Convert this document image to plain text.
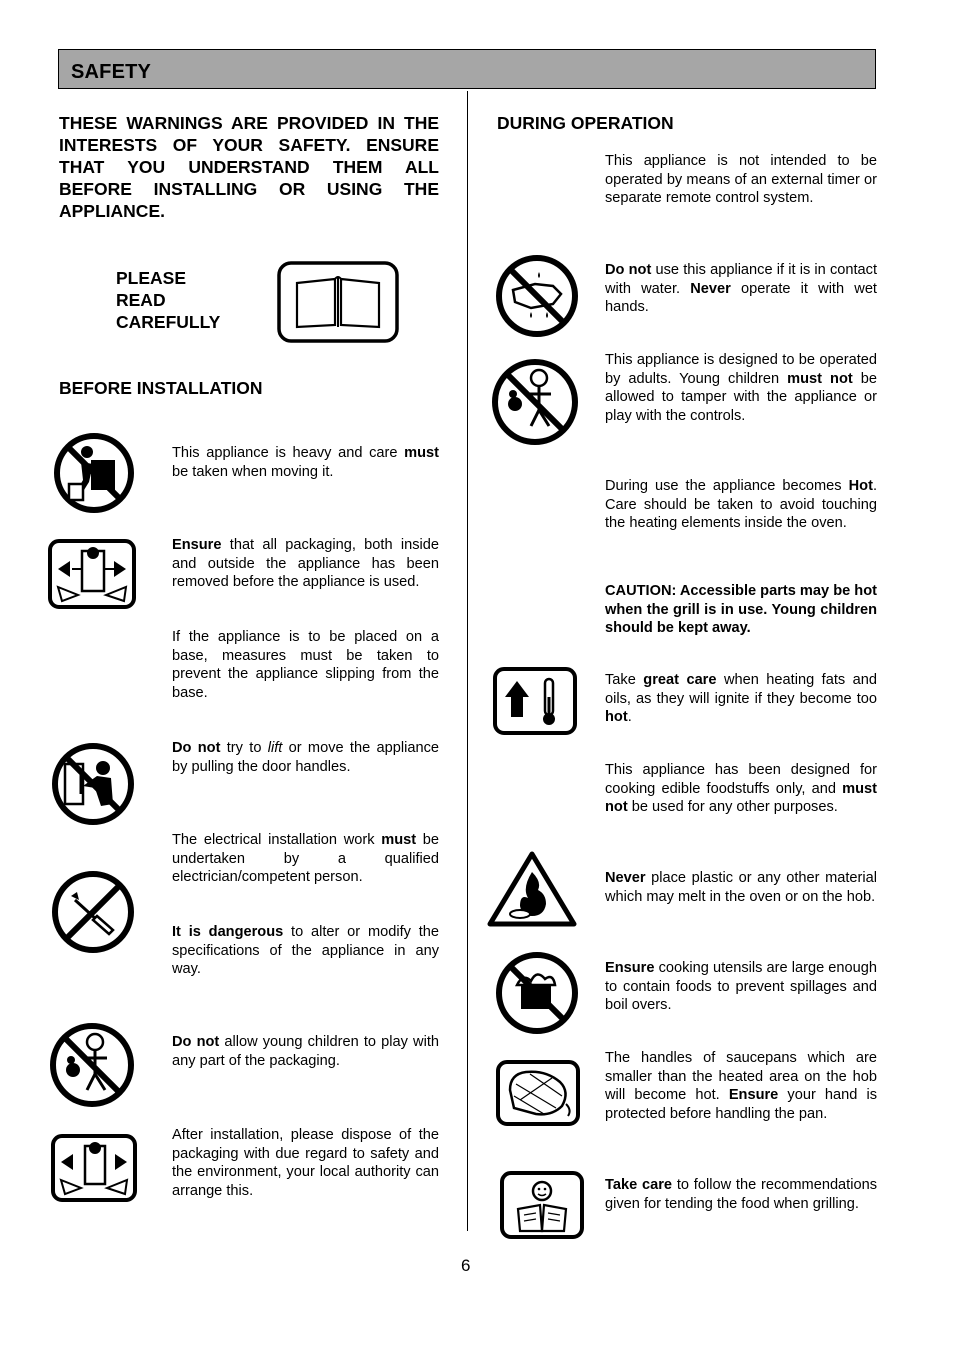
SAFETY
THESE WARNINGS ARE PROVIDED IN THE INTERESTS OF YOUR SAFETY. ENSURE THAT YOU UNDERSTAND THEM ALL BEFORE INSTALLING OR USING THE APPLIANCE.
PLEASE
READ
CAREFULLY
BEFORE INSTALLATION
This appliance is heavy and care must be taken when moving it.
Ensure that all packaging, both inside and outside the appliance has been removed before the appliance is used.
If the appliance is to be placed on a base, measures must be taken to prevent the appliance slipping from the base.
Do not try to lift or move the appliance by pulling the door handles.
The electrical installation work must be undertaken by a qualified electrician/competent person.
It is dangerous to alter or modify the specifications of the appliance in any way.
Do not allow young children to play with any part of the packaging.
After installation, please dispose of the packaging with due regard to safety and the environment, your local authority can arrange this.
DURING OPERATION
This appliance is not intended to be operated by means of an external timer or separate remote control system.
Do not use this appliance if it is in contact with water. Never operate it with wet hands.
This appliance is designed to be operated by adults. Young children must not be allowed to tamper with the appliance or play with the controls.
During use the appliance becomes Hot. Care should be taken to avoid touching the heating elements inside the oven.
CAUTION: Accessible parts may be hot when the grill is in use. Young children should be kept away.
Take great care when heating fats and oils, as they will ignite if they become too hot.
This appliance has been designed for cooking edible foodstuffs only, and must not be used for any other purposes.
Never place plastic or any other material which may melt in the oven or on the hob.
Ensure cooking utensils are large enough to contain foods to prevent spillages and boil overs.
The handles of saucepans which are smaller than the heated area on the hob will become hot. Ensure your hand is protected before handling the pan.
Take care to follow the recommendations given for tending the food when grilling.
6
